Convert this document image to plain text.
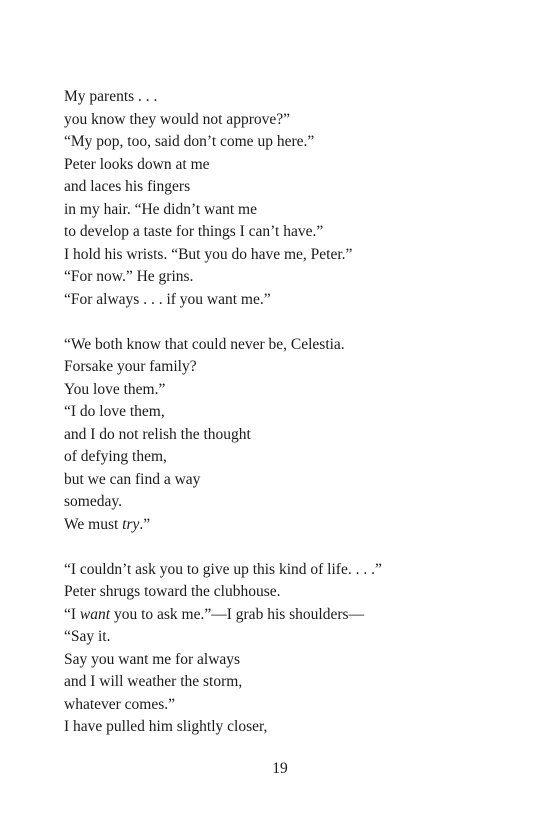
My parents . . .
you know they would not approve?”
“My pop, too, said don’t come up here.”
Peter looks down at me
and laces his fingers
in my hair. “He didn’t want me
to develop a taste for things I can’t have.”
I hold his wrists. “But you do have me, Peter.”
“For now.” He grins.
“For always . . . if you want me.”
“We both know that could never be, Celestia.
Forsake your family?
You love them.”
“I do love them,
and I do not relish the thought
of defying them,
but we can find a way
someday.
We must try.”
“I couldn’t ask you to give up this kind of life. . . .”
Peter shrugs toward the clubhouse.
“I want you to ask me.”—I grab his shoulders—
“Say it.
Say you want me for always
and I will weather the storm,
whatever comes.”
I have pulled him slightly closer,
19
